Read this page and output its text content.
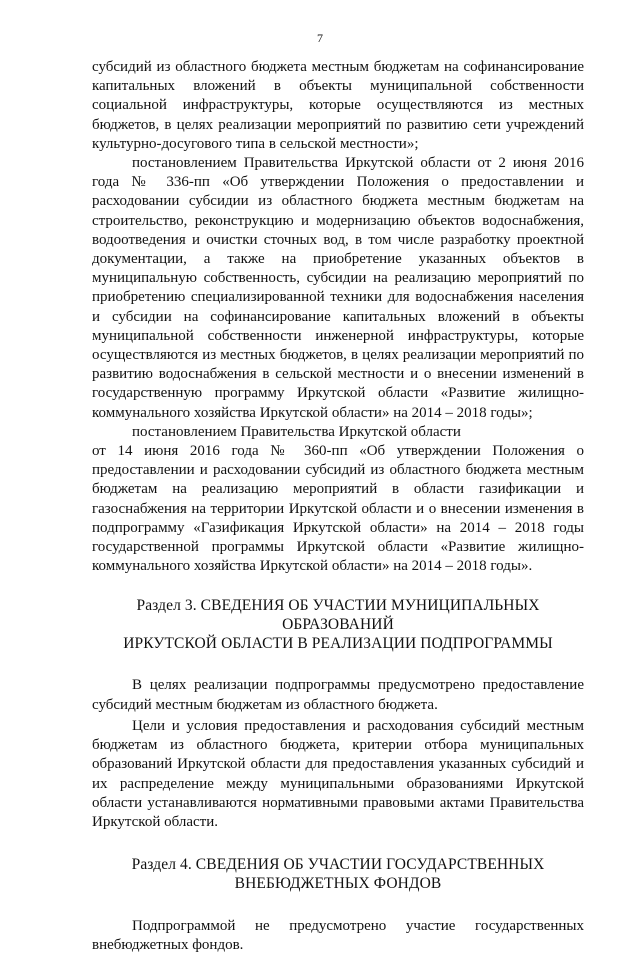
7

субсидий из областного бюджета местным бюджетам на софинансирование капитальных вложений в объекты муниципальной собственности социальной инфраструктуры, которые осуществляются из местных бюджетов, в целях реализации мероприятий по развитию сети учреждений культурно-досугового типа в сельской местности»;

постановлением Правительства Иркутской области от 2 июня 2016 года № 336-пп «Об утверждении Положения о предоставлении и расходовании субсидии из областного бюджета местным бюджетам на строительство, реконструкцию и модернизацию объектов водоснабжения, водоотведения и очистки сточных вод, в том числе разработку проектной документации, а также на приобретение указанных объектов в муниципальную собственность, субсидии на реализацию мероприятий по приобретению специализированной техники для водоснабжения населения и субсидии на софинансирование капитальных вложений в объекты муниципальной собственности инженерной инфраструктуры, которые осуществляются из местных бюджетов, в целях реализации мероприятий по развитию водоснабжения в сельской местности и о внесении изменений в государственную программу Иркутской области «Развитие жилищно-коммунального хозяйства Иркутской области» на 2014 – 2018 годы»;

постановлением Правительства Иркутской области

от 14 июня 2016 года № 360-пп «Об утверждении Положения о предоставлении и расходовании субсидий из областного бюджета местным бюджетам на реализацию мероприятий в области газификации и газоснабжения на территории Иркутской области и о внесении изменения в подпрограмму «Газификация Иркутской области» на 2014 – 2018 годы государственной программы Иркутской области «Развитие жилищно-коммунального хозяйства Иркутской области» на 2014 – 2018 годы».

Раздел 3. СВЕДЕНИЯ ОБ УЧАСТИИ МУНИЦИПАЛЬНЫХ ОБРАЗОВАНИЙ
ИРКУТСКОЙ ОБЛАСТИ В РЕАЛИЗАЦИИ ПОДПРОГРАММЫ

В целях реализации подпрограммы предусмотрено предоставление субсидий местным бюджетам из областного бюджета.

Цели и условия предоставления и расходования субсидий местным бюджетам из областного бюджета, критерии отбора муниципальных образований Иркутской области для предоставления указанных субсидий и их распределение между муниципальными образованиями Иркутской области устанавливаются нормативными правовыми актами Правительства Иркутской области.

Раздел 4. СВЕДЕНИЯ ОБ УЧАСТИИ ГОСУДАРСТВЕННЫХ
ВНЕБЮДЖЕТНЫХ ФОНДОВ

Подпрограммой не предусмотрено участие государственных внебюджетных фондов.
